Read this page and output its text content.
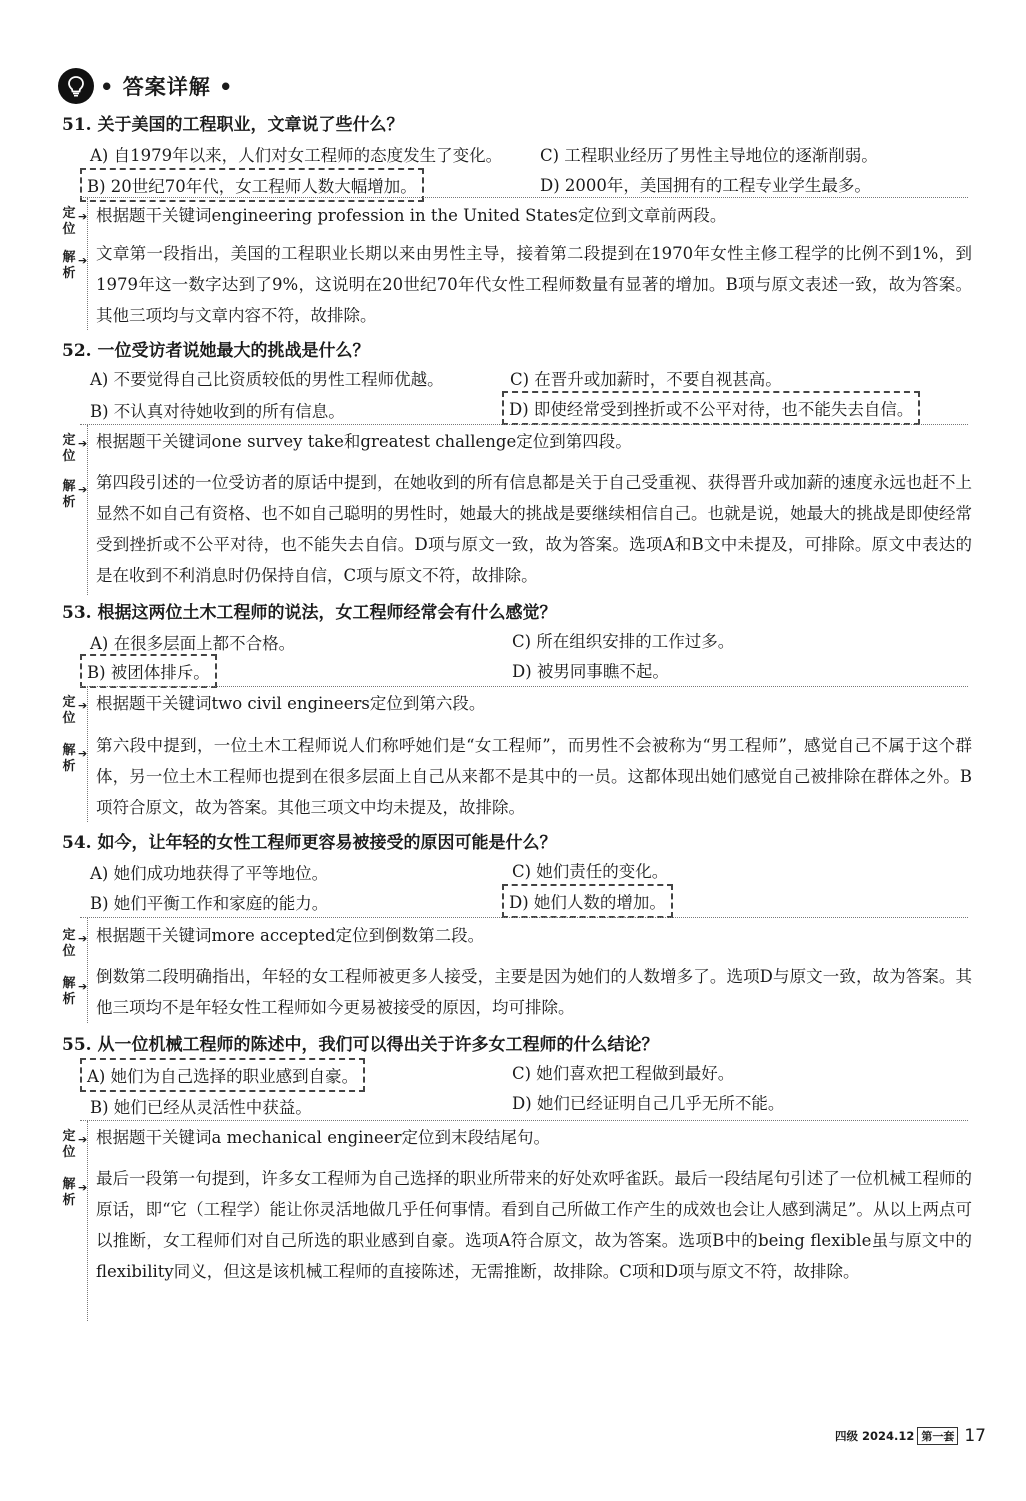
• 答案详解 •
51. 关于美国的工程职业，文章说了些什么？
A) 自1979年以来，人们对女工程师的态度发生了变化。 C) 工程职业经历了男性主导地位的逐渐削弱。
B) 20世纪70年代，女工程师人数大幅增加。	D) 2000年，美国拥有的工程专业学生最多。
定
位
➔ 根据题干关键词engineering profession in the United States定位到文章前两段。
解
析
➔ 文章第一段指出，美国的工程职业长期以来由男性主导，接着第二段提到在1970年女性主修工程学的比例不到1%，到1979年这一数字达到了9%，这说明在20世纪70年代女性工程师数量有显著的增加。B项与原文表述一致，故为答案。其他三项均与文章内容不符，故排除。
52. 一位受访者说她最大的挑战是什么？
A) 不要觉得自己比资质较低的男性工程师优越。	C) 在晋升或加薪时，不要自视甚高。
B) 不认真对待她收到的所有信息。	D) 即使经常受到挫折或不公平对待，也不能失去自信。
定
位
➔ 根据题干关键词one survey take和greatest challenge定位到第四段。
解
析
➔ 第四段引述的一位受访者的原话中提到，在她收到的所有信息都是关于自己受重视、获得晋升或加薪的速度永远也赶不上显然不如自己有资格、也不如自己聪明的男性时，她最大的挑战是要继续相信自己。也就是说，她最大的挑战是即使经常受到挫折或不公平对待，也不能失去自信。D项与原文一致，故为答案。选项A和B文中未提及，可排除。原文中表达的是在收到不利消息时仍保持自信，C项与原文不符，故排除。
53. 根据这两位土木工程师的说法，女工程师经常会有什么感觉？
A) 在很多层面上都不合格。	C) 所在组织安排的工作过多。
B) 被团体排斥。	D) 被男同事瞧不起。
定
位
➔ 根据题干关键词two civil engineers定位到第六段。
解
析
➔ 第六段中提到，一位土木工程师说人们称呼她们是“女工程师”，而男性不会被称为“男工程师”，感觉自己不属于这个群体，另一位土木工程师也提到在很多层面上自己从来都不是其中的一员。这都体现出她们感觉自己被排除在群体之外。B项符合原文，故为答案。其他三项文中均未提及，故排除。
54. 如今，让年轻的女性工程师更容易被接受的原因可能是什么？
A) 她们成功地获得了平等地位。	C) 她们责任的变化。
B) 她们平衡工作和家庭的能力。	D) 她们人数的增加。
定
位
➔ 根据题干关键词more accepted定位到倒数第二段。
解
析
➔
倒数第二段明确指出，年轻的女工程师被更多人接受，主要是因为她们的人数增多了。选项D与原文一致，故为答案。其他三项均不是年轻女性工程师如今更易被接受的原因，均可排除。
55. 从一位机械工程师的陈述中，我们可以得出关于许多女工程师的什么结论？
A) 她们为自己选择的职业感到自豪。	C) 她们喜欢把工程做到最好。
B) 她们已经从灵活性中获益。	D) 她们已经证明自己几乎无所不能。
定
位
➔ 根据题干关键词a mechanical engineer定位到末段结尾句。
解
析
➔ 最后一段第一句提到，许多女工程师为自己选择的职业所带来的好处欢呼雀跃。最后一段结尾句引述了一位机械工程师的原话，即“它（工程学）能让你灵活地做几乎任何事情。看到自己所做工作产生的成效也会让人感到满足”。从以上两点可以推断，女工程师们对自己所选的职业感到自豪。选项A符合原文，故为答案。选项B中的being flexible虽与原文中的flexibility同义，但这是该机械工程师的直接陈述，无需推断，故排除。C项和D项与原文不符，故排除。
四级 2024.12 第一套 17
